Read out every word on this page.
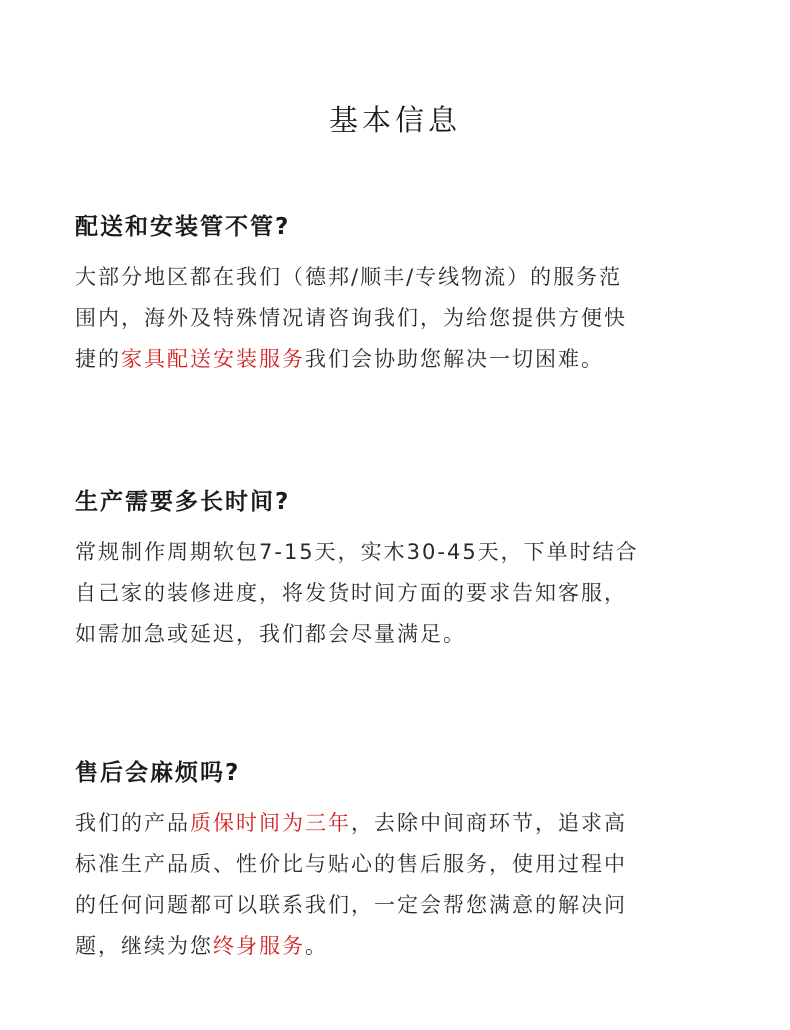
基本信息
配送和安装管不管?

大部分地区都在我们（德邦/顺丰/专线物流）的服务范
围内，海外及特殊情况请咨询我们，为给您提供方便快
捷的家具配送安装服务我们会协助您解决一切困难。

生产需要多长时间?

常规制作周期软包7-15天，实木30-45天，下单时结合
自己家的装修进度，将发货时间方面的要求告知客服，
如需加急或延迟，我们都会尽量满足。

售后会麻烦吗?

我们的产品质保时间为三年，去除中间商环节，追求高
标准生产品质、性价比与贴心的售后服务，使用过程中
的任何问题都可以联系我们，一定会帮您满意的解决问
题，继续为您终身服务。
